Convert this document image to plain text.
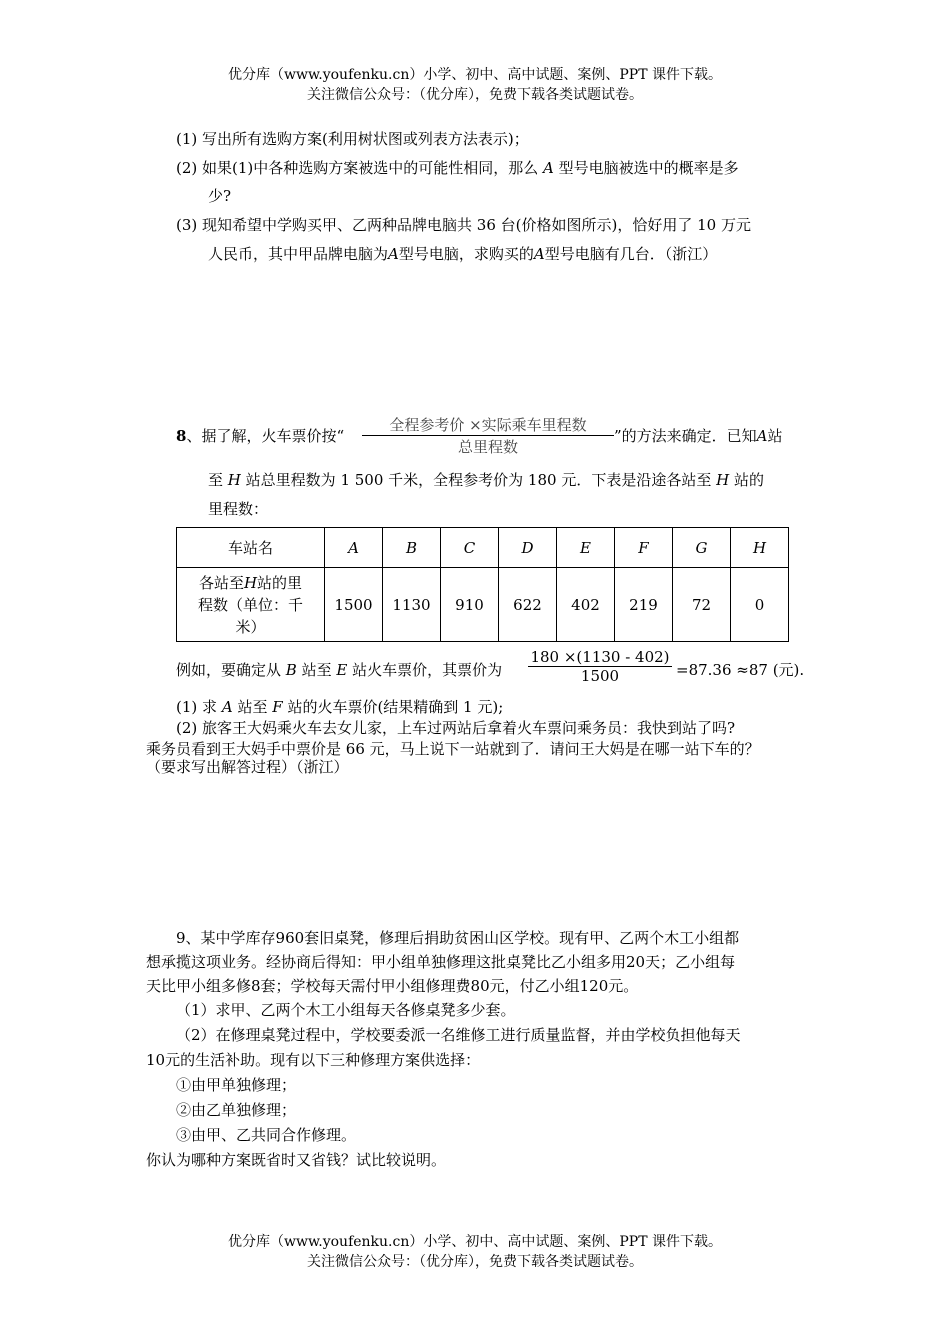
优分库（www.youfenku.cn）小学、初中、高中试题、案例、PPT 课件下载。
关注微信公众号：（优分库），免费下载各类试题试卷。
(1) 写出所有选购方案(利用树状图或列表方法表示)；
(2) 如果(1)中各种选购方案被选中的可能性相同，那么 A 型号电脑被选中的概率是多
少?
(3) 现知希望中学购买甲、乙两种品牌电脑共 36 台(价格如图所示)，恰好用了 10 万元
人民币，其中甲品牌电脑为A型号电脑，求购买的A型号电脑有几台．（浙江）
8、据了解，火车票价按“
全程参考价 ×实际乘车里程数
总里程数
”的方法来确定．已知A站
至 H 站总里程数为 1 500 千米，全程参考价为 180 元．下表是沿途各站至 H 站的
里程数：
车站名	A	B	C	D	E	F	G	H
各站至H站的里
程数（单位：千
米）	1500	1130	910	622	402	219	72	0
例如，要确定从 B 站至 E 站火车票价，其票价为
180 ×(1130 - 402)
1500	=87.36 ≈87 (元).
(1) 求 A 站至 F 站的火车票价(结果精确到 1 元);
(2) 旅客王大妈乘火车去女儿家，上车过两站后拿着火车票问乘务员：我快到站了吗?
乘务员看到王大妈手中票价是 66 元，马上说下一站就到了．请问王大妈是在哪一站下车的？
（要求写出解答过程）（浙江）
9、某中学库存960套旧桌凳，修理后捐助贫困山区学校。现有甲、乙两个木工小组都
想承揽这项业务。经协商后得知：甲小组单独修理这批桌凳比乙小组多用20天；乙小组每
天比甲小组多修8套；学校每天需付甲小组修理费80元，付乙小组120元。
（1）求甲、乙两个木工小组每天各修桌凳多少套。
（2）在修理桌凳过程中，学校要委派一名维修工进行质量监督，并由学校负担他每天
10元的生活补助。现有以下三种修理方案供选择：
①由甲单独修理；
②由乙单独修理；
③由甲、乙共同合作修理。
你认为哪种方案既省时又省钱？试比较说明。
优分库（www.youfenku.cn）小学、初中、高中试题、案例、PPT 课件下载。
关注微信公众号：（优分库），免费下载各类试题试卷。
